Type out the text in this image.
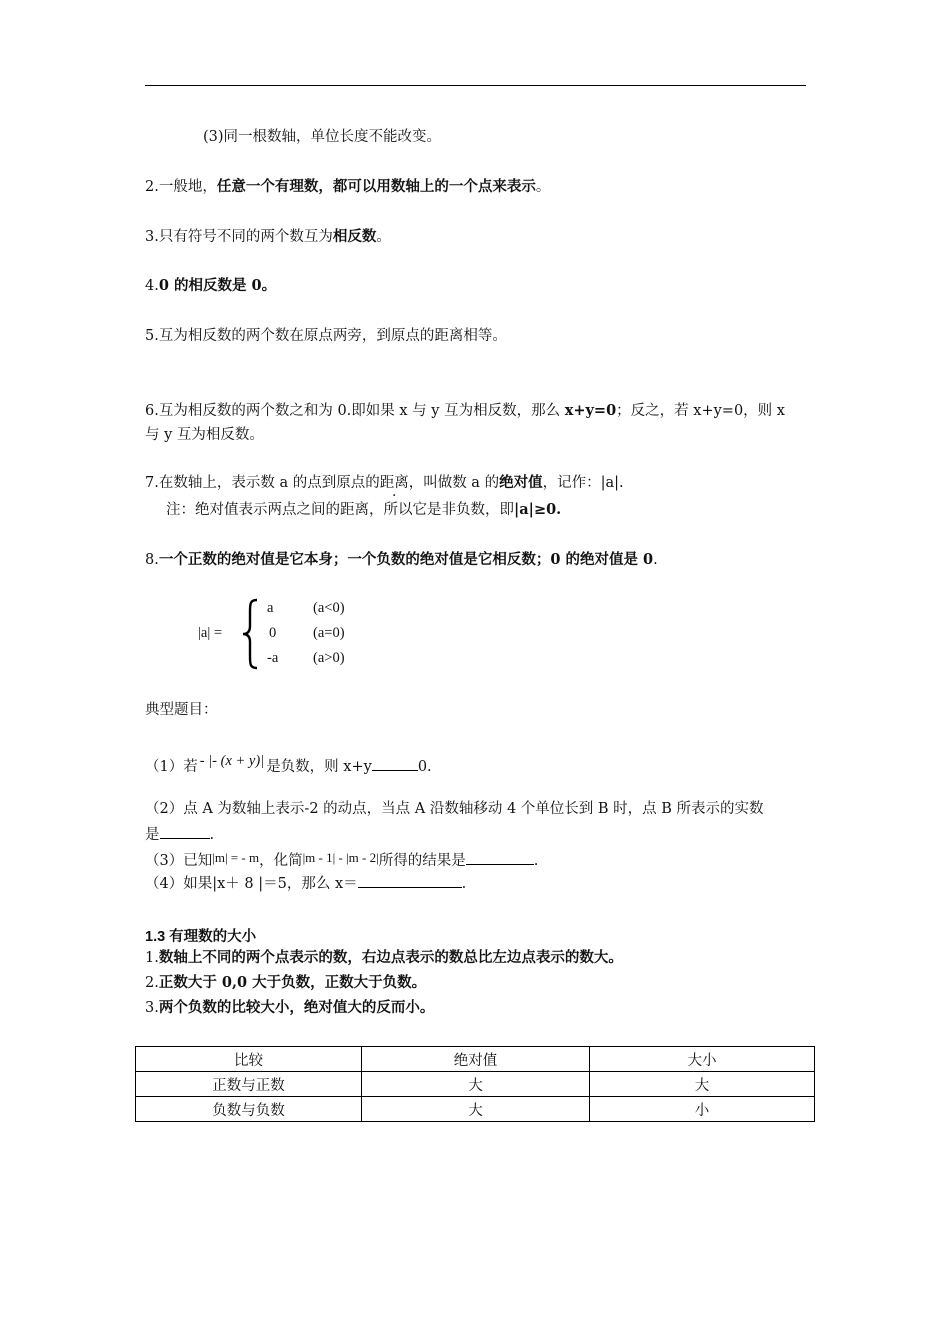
(3)同一根数轴，单位长度不能改变。
2.一般地，任意一个有理数，都可以用数轴上的一个点来表示。
3.只有符号不同的两个数互为相反数。
4.0 的相反数是 0。
5.互为相反数的两个数在原点两旁，到原点的距离相等。
6.互为相反数的两个数之和为 0.即如果 x 与 y 互为相反数，那么 x+y=0；反之，若 x+y=0，则 x
与 y 互为相反数。
7.在数轴上，表示数 a 的点到原点的距离，叫做数 a 的绝对值，记作：|a|.
注：绝对值表示两点之间的距离，所以它是非负数，即|a|≥0.
8.一个正数的绝对值是它本身；一个负数的绝对值是它相反数；0 的绝对值是 0.
|a| =
a	(a<0)
0	(a=0)
-a (a>0)
典型题目：
（1）若 - |- (x + y)| 是负数，则 x+y	0.
（2）点 A 为数轴上表示-2 的动点，当点 A 沿数轴移动 4 个单位长到 B 时，点 B 所表示的实数
是	.
（3）已知|m| = - m，化简|m - 1| - |m - 2|所得的结果是	.
（4）如果|x＋ 8 |＝5，那么 x＝	.
1.3 有理数的大小
1.数轴上不同的两个点表示的数，右边点表示的数总比左边点表示的数大。
2.正数大于 0,0 大于负数，正数大于负数。
3.两个负数的比较大小，绝对值大的反而小。
比较	绝对值	大小
正数与正数	大	大
负数与负数	大	小
